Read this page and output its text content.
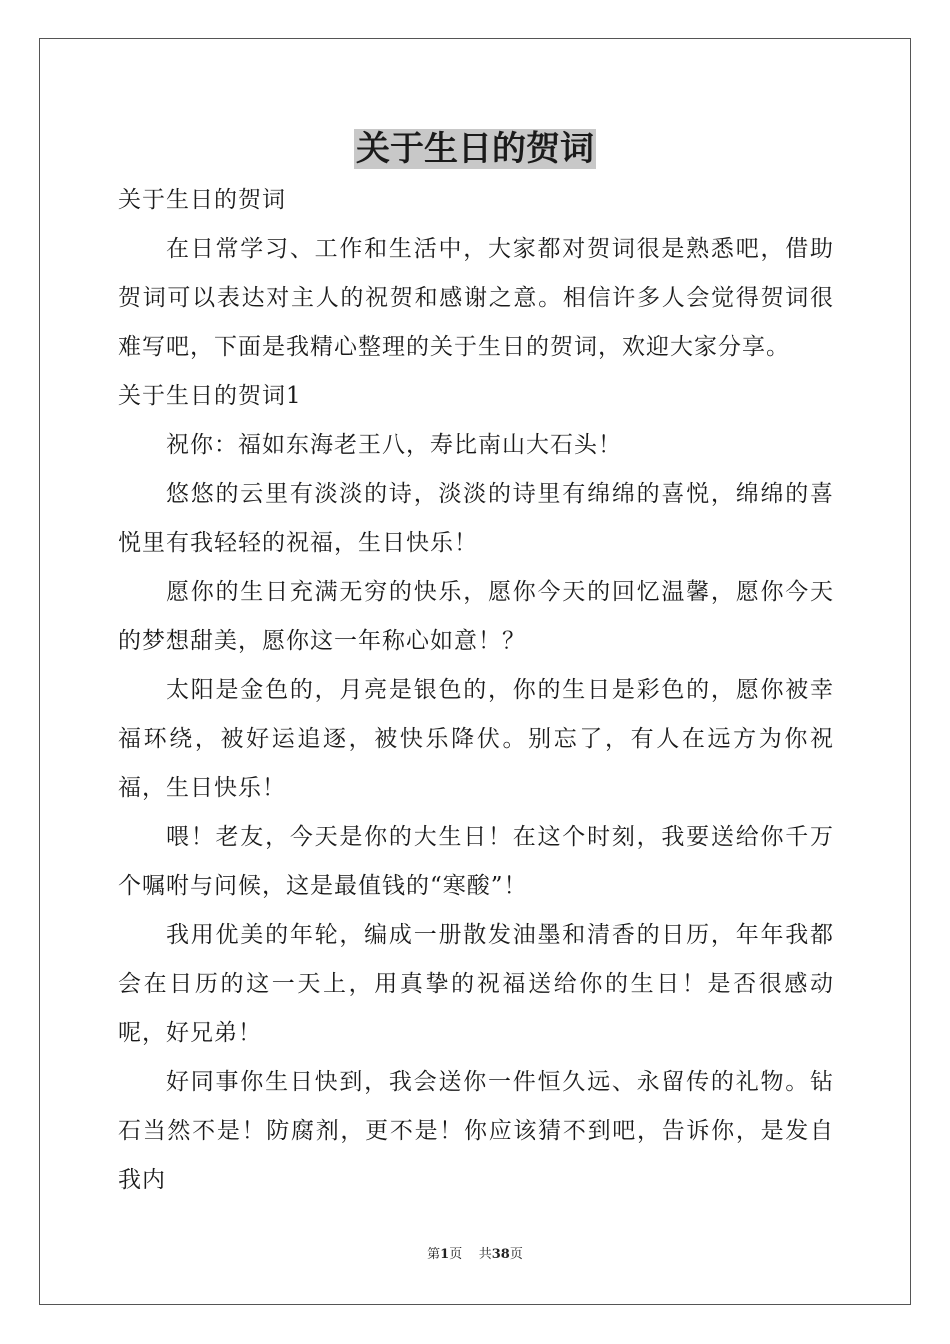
关于生日的贺词

关于生日的贺词

在日常学习、工作和生活中，大家都对贺词很是熟悉吧，借助贺词可以表达对主人的祝贺和感谢之意。相信许多人会觉得贺词很难写吧，下面是我精心整理的关于生日的贺词，欢迎大家分享。

关于生日的贺词1

祝你：福如东海老王八，寿比南山大石头！

悠悠的云里有淡淡的诗，淡淡的诗里有绵绵的喜悦，绵绵的喜悦里有我轻轻的祝福，生日快乐！

愿你的生日充满无穷的快乐，愿你今天的回忆温馨，愿你今天的梦想甜美，愿你这一年称心如意！？

太阳是金色的，月亮是银色的，你的生日是彩色的，愿你被幸福环绕，被好运追逐，被快乐降伏。别忘了，有人在远方为你祝福，生日快乐！

喂！老友，今天是你的大生日！在这个时刻，我要送给你千万个嘱咐与问候，这是最值钱的“寒酸”！

我用优美的年轮，编成一册散发油墨和清香的日历，年年我都会在日历的这一天上，用真挚的祝福送给你的生日！是否很感动呢，好兄弟！

好同事你生日快到，我会送你一件恒久远、永留传的礼物。钻石当然不是！防腐剂，更不是！你应该猜不到吧，告诉你，是发自我内

第1页 共38页
